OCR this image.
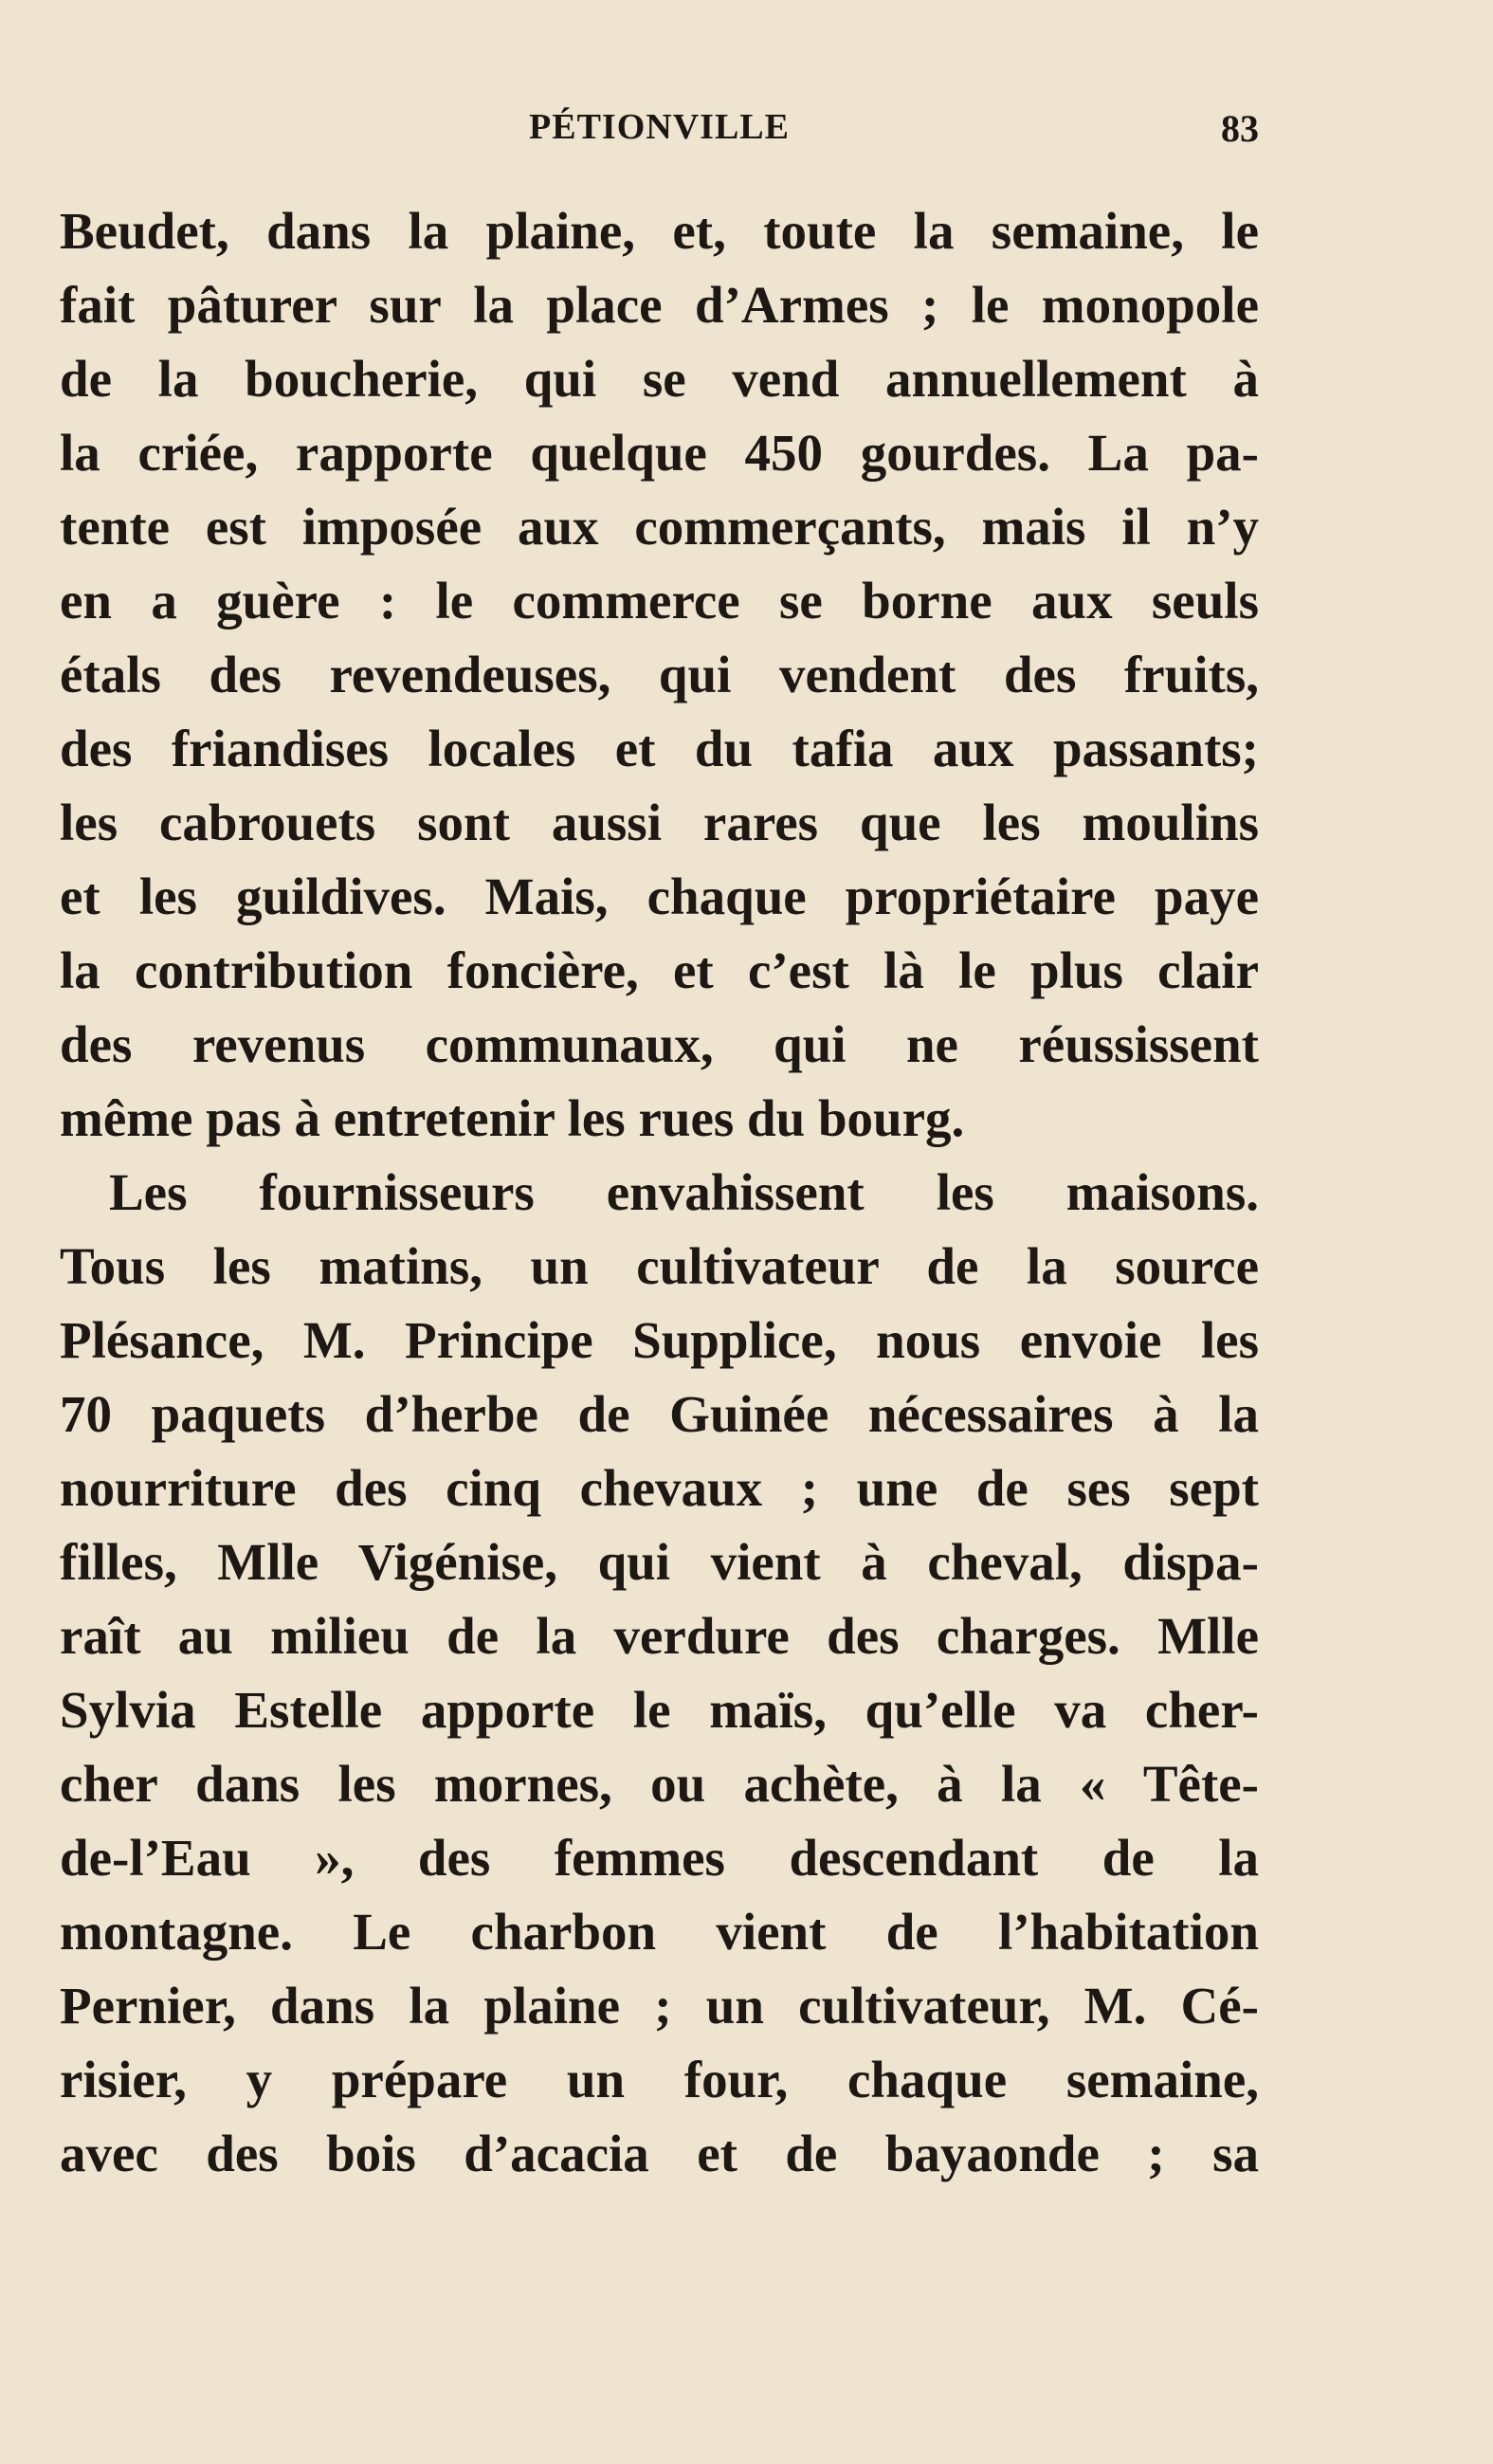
PÉTIONVILLE	83
Beudet, dans la plaine, et, toute la semaine, le
fait pâturer sur la place d’Armes ; le monopole
de la boucherie, qui se vend annuellement à
la criée, rapporte quelque 450 gourdes. La pa-
tente est imposée aux commerçants, mais il n’y
en a guère : le commerce se borne aux seuls
étals des revendeuses, qui vendent des fruits,
des friandises locales et du tafia aux passants;
les cabrouets sont aussi rares que les moulins
et les guildives. Mais, chaque propriétaire paye
la contribution foncière, et c’est là le plus clair
des revenus communaux, qui ne réussissent
même pas à entretenir les rues du bourg.
Les fournisseurs envahissent les maisons.
Tous les matins, un cultivateur de la source
Plésance, M. Principe Supplice, nous envoie les
70 paquets d’herbe de Guinée nécessaires à la
nourriture des cinq chevaux ; une de ses sept
filles, Mlle Vigénise, qui vient à cheval, dispa-
raît au milieu de la verdure des charges. Mlle
Sylvia Estelle apporte le maïs, qu’elle va cher-
cher dans les mornes, ou achète, à la « Tête-
de-l’Eau », des femmes descendant de la
montagne. Le charbon vient de l’habitation
Pernier, dans la plaine ; un cultivateur, M. Cé-
risier, y prépare un four, chaque semaine,
avec des bois d’acacia et de bayaonde ; sa
